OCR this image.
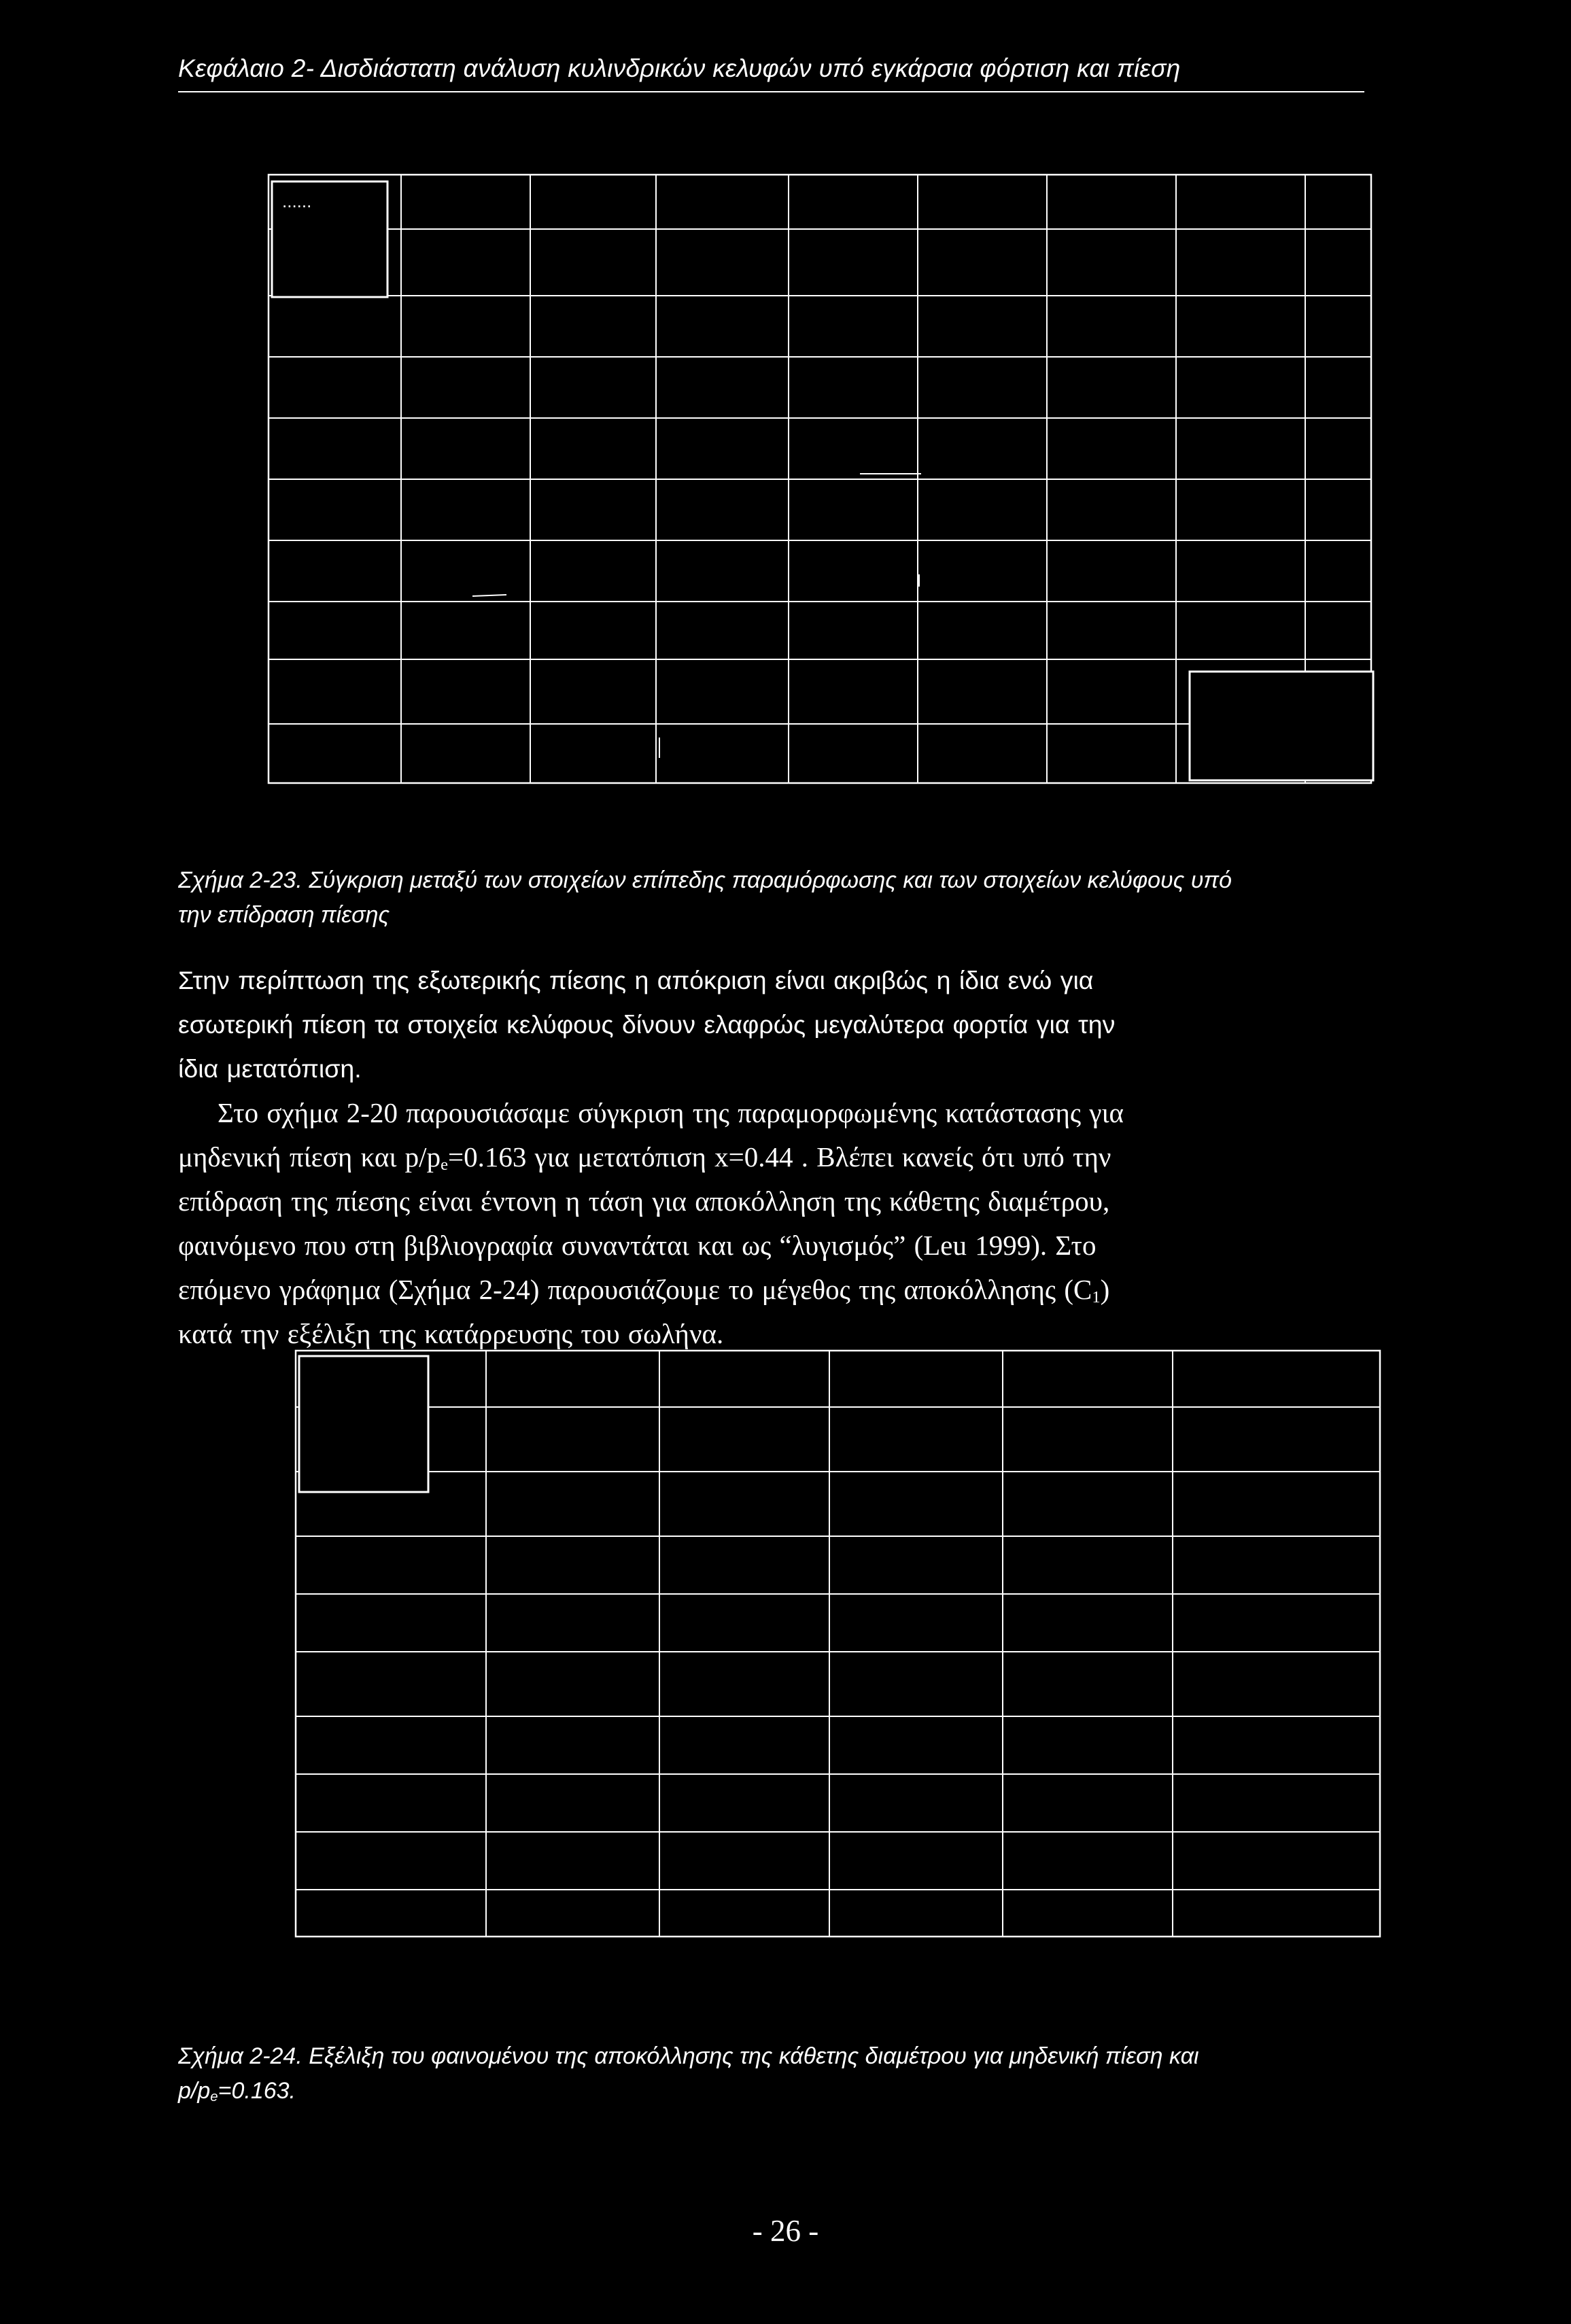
Κεφάλαιο 2- Δισδιάστατη ανάλυση κυλινδρικών κελυφών υπό εγκάρσια φόρτιση και πίεση
......
Σχήμα 2-23. Σύγκριση μεταξύ των στοιχείων επίπεδης παραμόρφωσης και των στοιχείων κελύφους υπό
την επίδραση πίεσης

Στην περίπτωση της εξωτερικής πίεσης η απόκριση είναι ακριβώς η ίδια ενώ για
εσωτερική πίεση τα στοιχεία κελύφους δίνουν ελαφρώς μεγαλύτερα φορτία για την
ίδια μετατόπιση.

Στο σχήμα 2-20 παρουσιάσαμε σύγκριση της παραμορφωμένης κατάστασης για
μηδενική πίεση και $p/p_e=0.163$ για μετατόπιση x=0.44 . Βλέπει κανείς ότι υπό την
επίδραση της πίεσης είναι έντονη η τάση για αποκόλληση της κάθετης διαμέτρου,
φαινόμενο που στη βιβλιογραφία συναντάται και ως “λυγισμός” (Leu 1999). Στο
επόμενο γράφημα (Σχήμα 2-24) παρουσιάζουμε το μέγεθος της αποκόλλησης $(C_1)$
κατά την εξέλιξη της κατάρρευσης του σωλήνα.

Σχήμα 2-24. Εξέλιξη του φαινομένου της αποκόλλησης της κάθετης διαμέτρου για μηδενική πίεση και
$p/p_e=0.163$.
- 26 -
